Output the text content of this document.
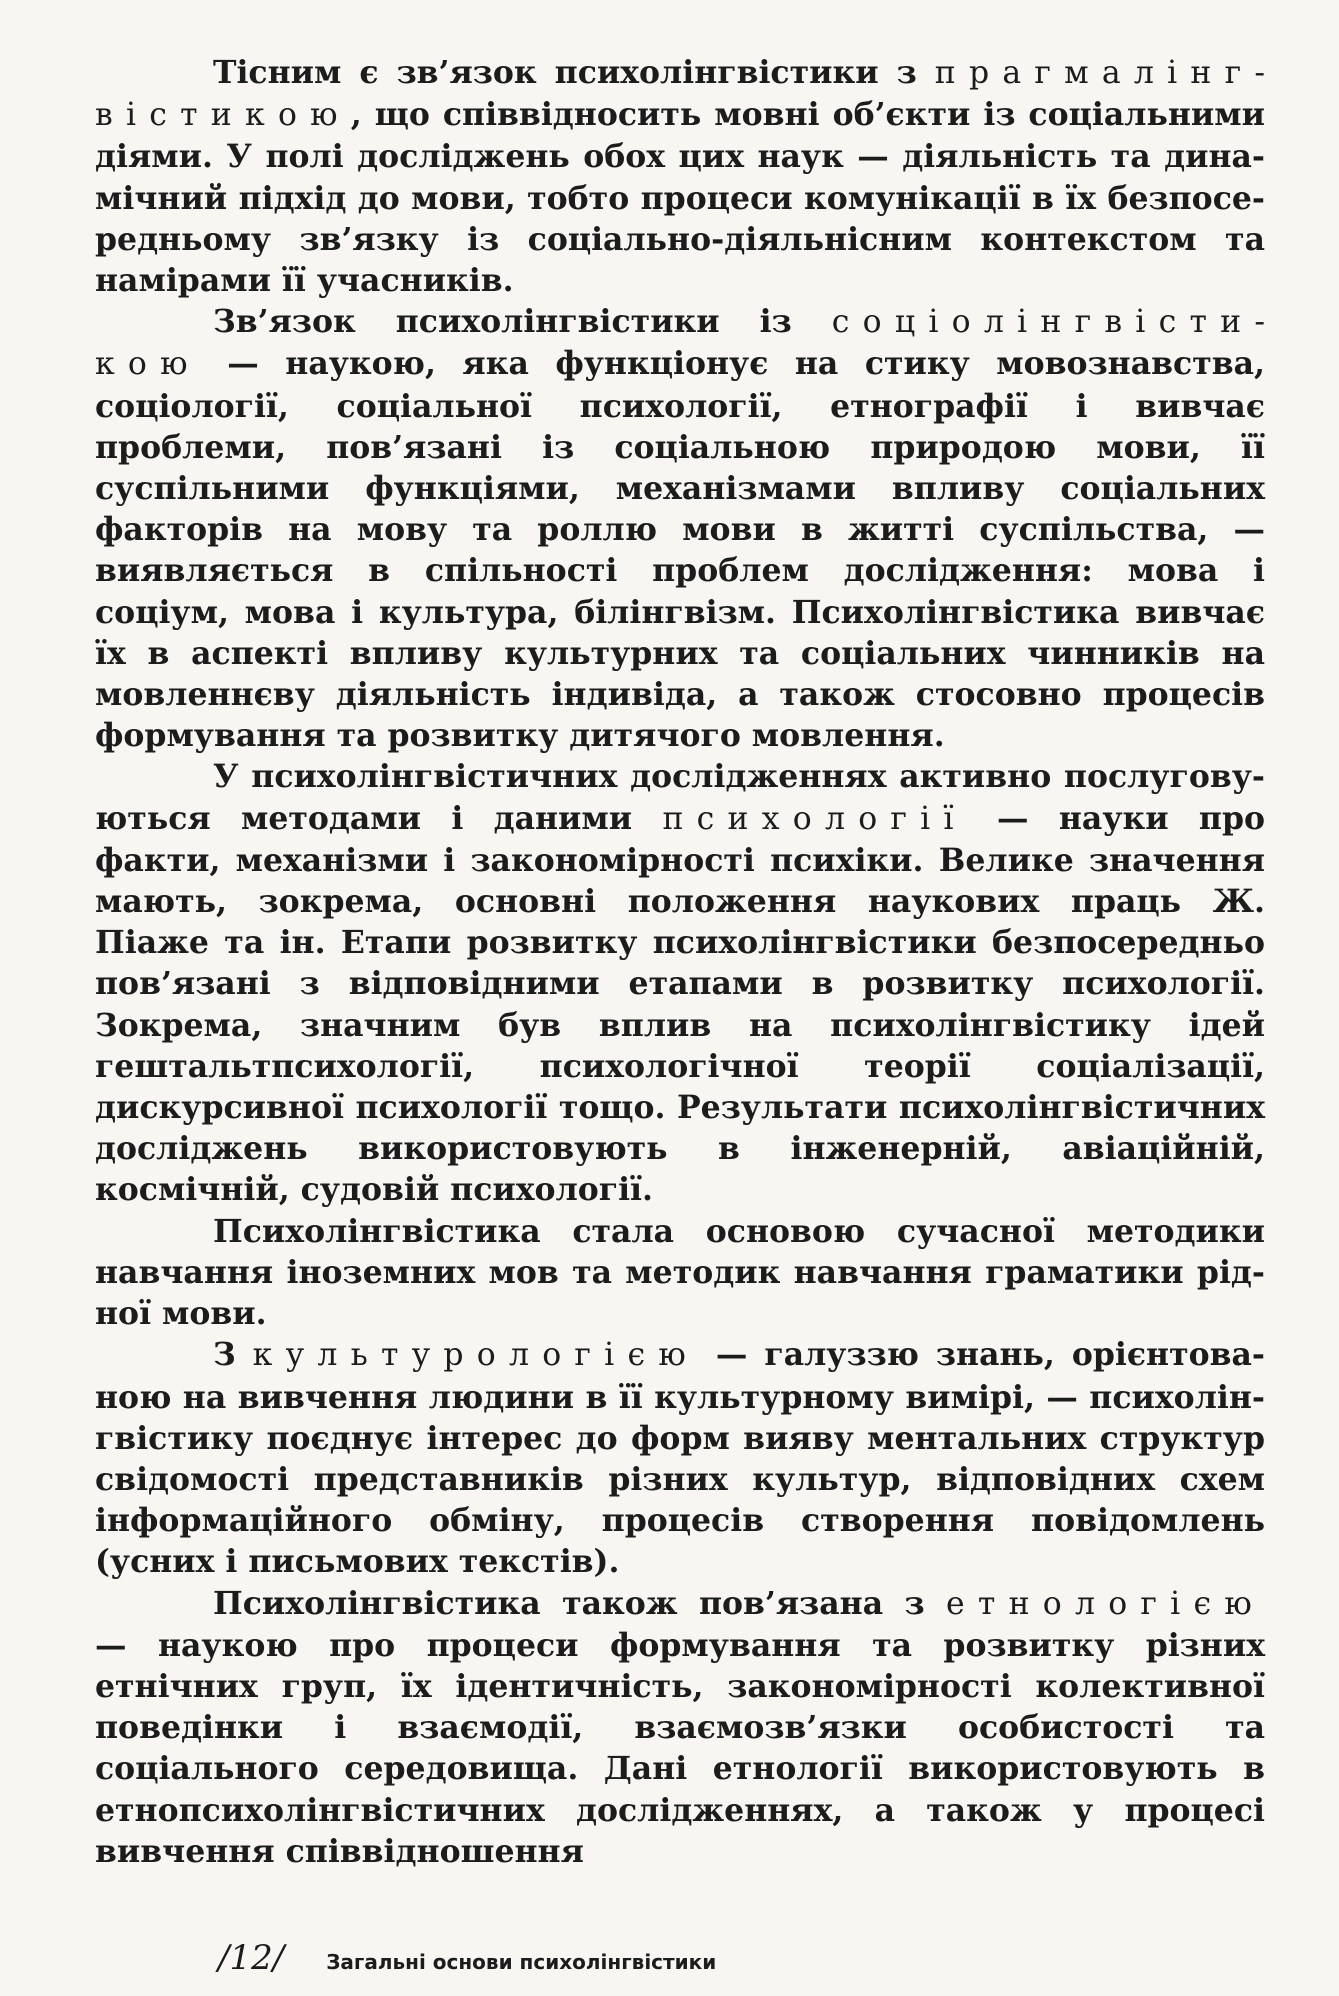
Тісним є зв’язок психолінгвістики з прагмалінгвістикою, що співвідносить мовні об’єкти із соціальними діями. У полі досліджень обох цих наук — діяльність та динамічний підхід до мови, тобто процеси комунікації в їх безпосередньому зв’язку із соціально-діяльнісним контекстом та намірами її учасників.

Зв’язок психолінгвістики із соціолінгвістикою — наукою, яка функціонує на стику мовознавства, соціології, соціальної психології, етнографії і вивчає проблеми, пов’язані із соціальною природою мови, її суспільними функціями, механізмами впливу соціальних факторів на мову та роллю мови в житті суспільства, — виявляється в спільності проблем дослідження: мова і соціум, мова і культура, білінгвізм. Психолінгвістика вивчає їх в аспекті впливу культурних та соціальних чинників на мовленнєву діяльність індивіда, а також стосовно процесів формування та розвитку дитячого мовлення.

У психолінгвістичних дослідженнях активно послуговуються методами і даними психології — науки про факти, механізми і закономірності психіки. Велике значення мають, зокрема, основні положення наукових праць Ж. Піаже та ін. Етапи розвитку психолінгвістики безпосередньо пов’язані з відповідними етапами в розвитку психології. Зокрема, значним був вплив на психолінгвістику ідей гештальтпсихології, психологічної теорії соціалізації, дискурсивної психології тощо. Результати психолінгвістичних досліджень використовують в інженерній, авіаційній, космічній, судовій психології.

Психолінгвістика стала основою сучасної методики навчання іноземних мов та методик навчання граматики рідної мови.

З культурологією — галуззю знань, орієнтованою на вивчення людини в її культурному вимірі, — психолінгвістику поєднує інтерес до форм вияву ментальних структур свідомості представників різних культур, відповідних схем інформаційного обміну, процесів створення повідомлень (усних і письмових текстів).

Психолінгвістика також пов’язана з етнологією — наукою про процеси формування та розвитку різних етнічних груп, їх ідентичність, закономірності колективної поведінки і взаємодії, взаємозв’язки особистості та соціального середовища. Дані етнології використовують в етнопсихолінгвістичних дослідженнях, а також у процесі вивчення співвідношення

/12/ Загальні основи психолінгвістики
